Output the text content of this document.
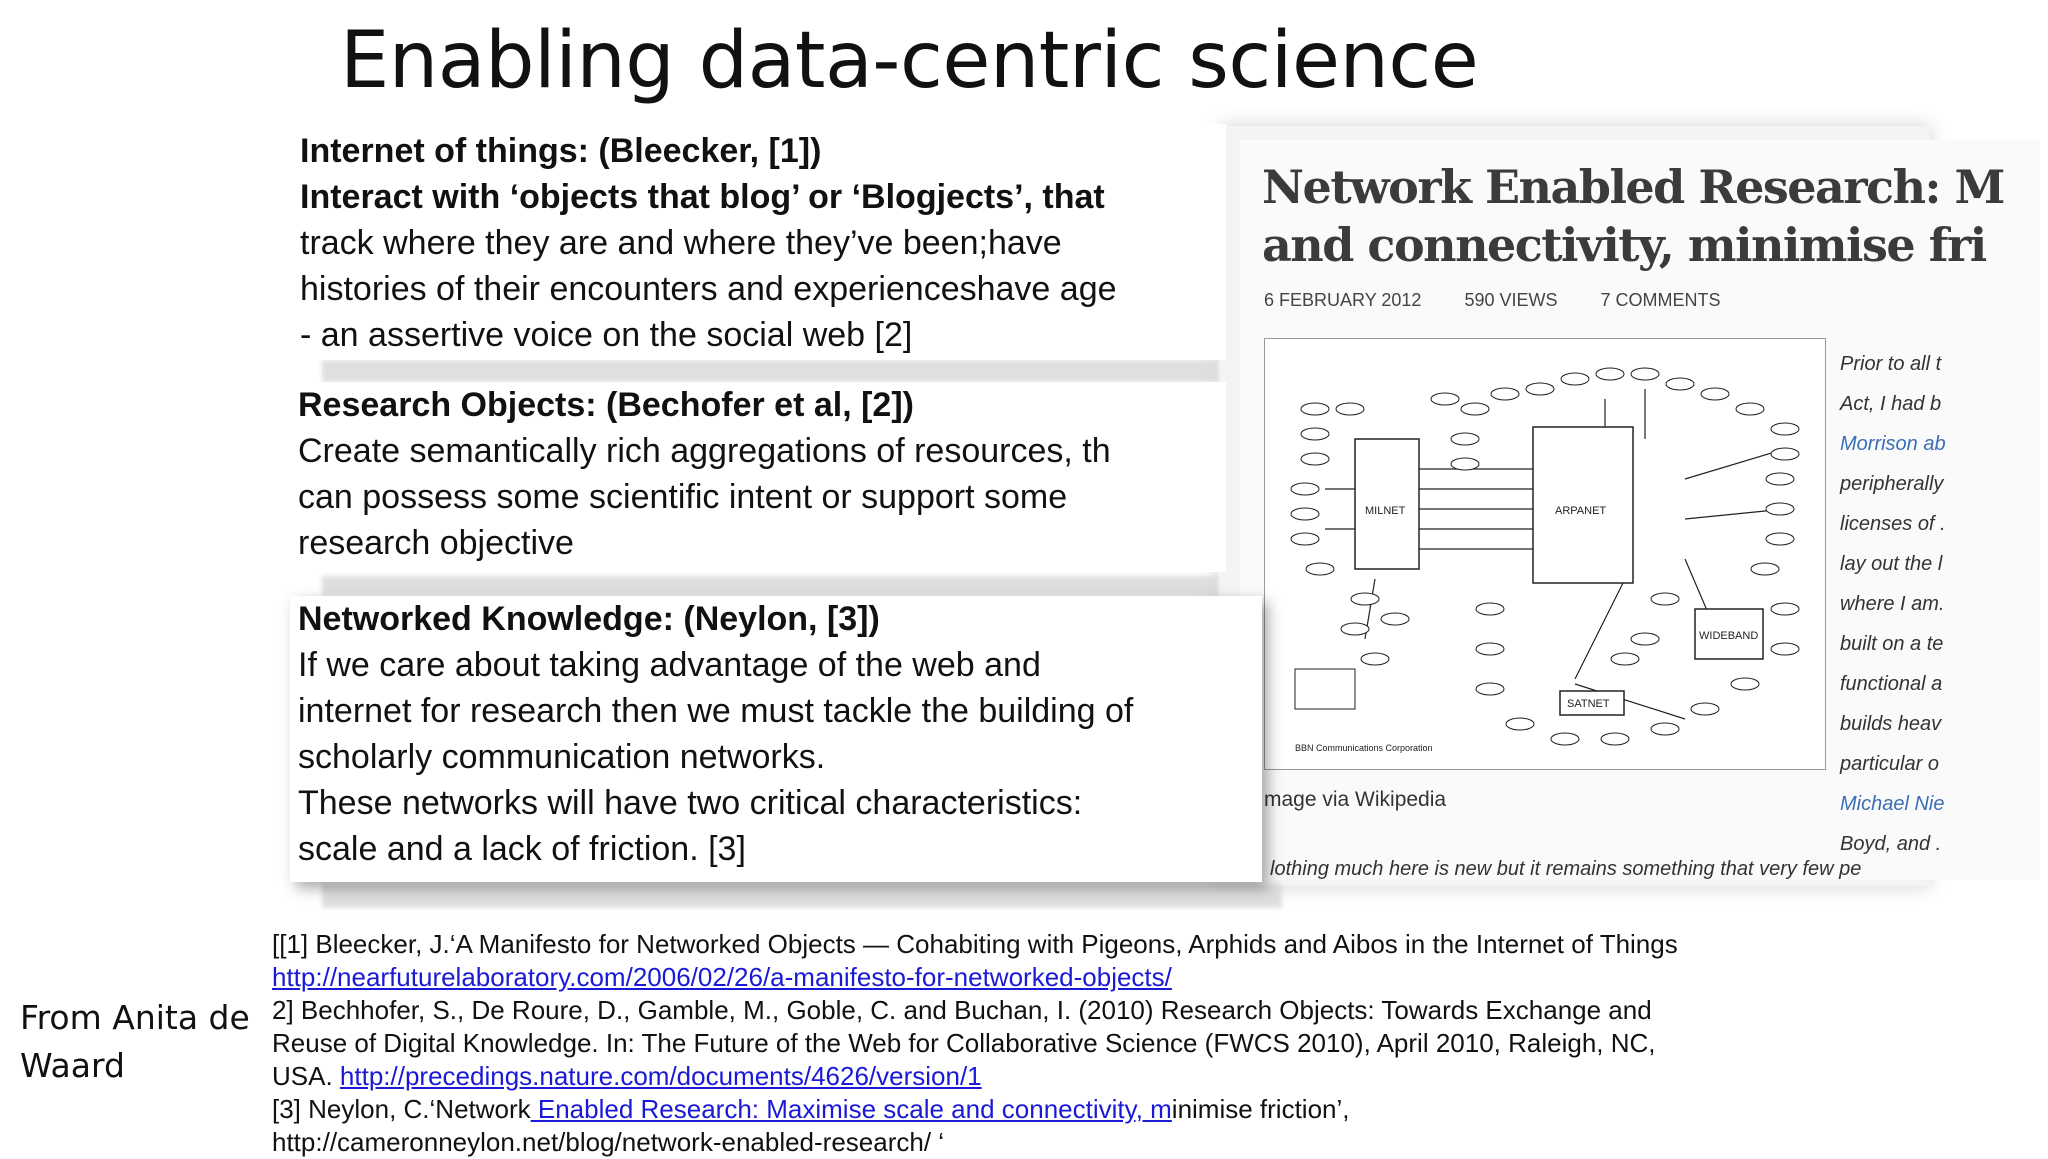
Enabling data-centric science
Network Enabled Research: M
and connectivity, minimise fri
6 FEBRUARY 2012 590 VIEWS 7 COMMENTS
MILNET	ARPANET
WIDEBAND
SATNET
BBN Communications Corporation
mage via Wikipedia
Prior to all t
Act, I had b
Morrison ab
peripherally
licenses of .
lay out the l
where I am.
built on a te
functional a
builds heav
particular o
Michael Nie
Boyd, and .
lothing much here is new but it remains something that very few pe
Internet of things: (Bleecker, [1])
Interact with ‘objects that blog’ or ‘Blogjects’, that
track where they are and where they’ve been;have
histories of their encounters and experienceshave age
- an assertive voice on the social web [2]
Research Objects: (Bechofer et al, [2])
Create semantically rich aggregations of resources, th
can possess some scientific intent or support some
research objective
Networked Knowledge: (Neylon, [3])
If we care about taking advantage of the web and
internet for research then we must tackle the building of
scholarly communication networks.
These networks will have two critical characteristics:
scale and a lack of friction. [3]
[[1] Bleecker, J.‘A Manifesto for Networked Objects — Cohabiting with Pigeons, Arphids and Aibos in the Internet of Things
http://nearfuturelaboratory.com/2006/02/26/a-manifesto-for-networked-objects/
2] Bechhofer, S., De Roure, D., Gamble, M., Goble, C. and Buchan, I. (2010) Research Objects: Towards Exchange and
Reuse of Digital Knowledge. In: The Future of the Web for Collaborative Science (FWCS 2010), April 2010, Raleigh, NC,
USA. http://precedings.nature.com/documents/4626/version/1
[3] Neylon, C.‘Network Enabled Research: Maximise scale and connectivity, minimise friction’,
http://cameronneylon.net/blog/network-enabled-research/ ‘
From Anita de
Waard
